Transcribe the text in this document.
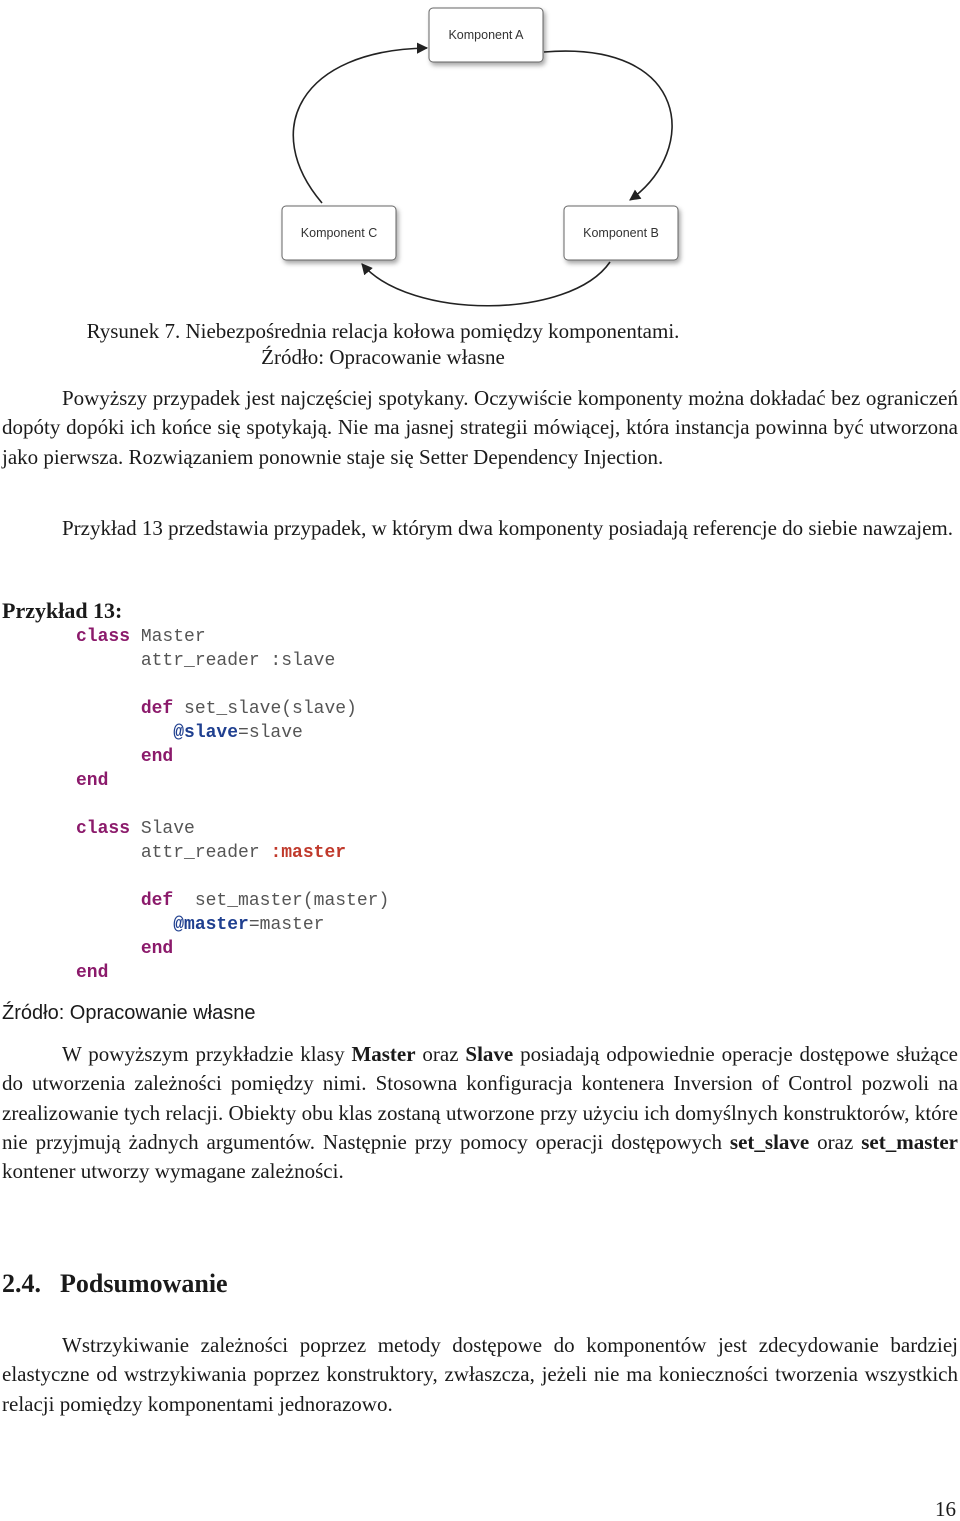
Komponent A
Komponent C	Komponent B
Rysunek 7. Niebezpośrednia relacja kołowa pomiędzy komponentami.
Źródło: Opracowanie własne

Powyższy przypadek jest najczęściej spotykany. Oczywiście komponenty można dokładać bez ograniczeń dopóty dopóki ich końce się spotykają. Nie ma jasnej strategii mówiącej, która instancja powinna być utworzona jako pierwsza. Rozwiązaniem ponownie staje się Setter Dependency Injection.

Przykład 13 przedstawia przypadek, w którym dwa komponenty posiadają referencje do siebie nawzajem.

Przykład 13:
class Master
attr_reader :slave

def set_slave(slave)
@slave=slave
end
end
class Slave
attr_reader :master

def set_master(master)
@master=master
end
end
Źródło: Opracowanie własne

W powyższym przykładzie klasy Master oraz Slave posiadają odpowiednie operacje dostępowe służące do utworzenia zależności pomiędzy nimi. Stosowna konfiguracja kontenera Inversion of Control pozwoli na zrealizowanie tych relacji. Obiekty obu klas zostaną utworzone przy użyciu ich domyślnych konstruktorów, które nie przyjmują żadnych argumentów. Następnie przy pomocy operacji dostępowych set_slave oraz set_master kontener utworzy wymagane zależności.

2.4. Podsumowanie

Wstrzykiwanie zależności poprzez metody dostępowe do komponentów jest zdecydowanie bardziej elastyczne od wstrzykiwania poprzez konstruktory, zwłaszcza, jeżeli nie ma konieczności tworzenia wszystkich relacji pomiędzy komponentami jednorazowo.

16
